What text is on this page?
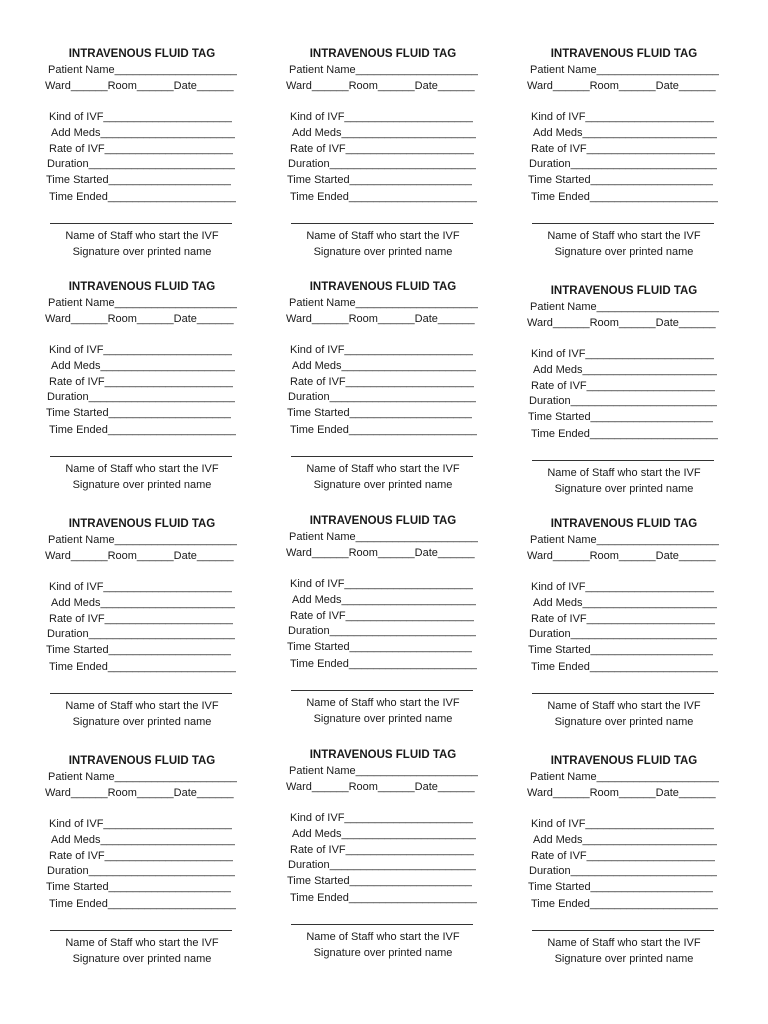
INTRAVENOUS FLUID TAG
Patient Name____________________
Ward______Room______Date______
Kind of IVF_____________________
Add Meds______________________
Rate of IVF_____________________
Duration________________________
Time Started____________________
Time Ended_____________________
Name of Staff who start the IVF
Signature over printed name
INTRAVENOUS FLUID TAG
Patient Name____________________
Ward______Room______Date______
Kind of IVF_____________________
Add Meds______________________
Rate of IVF_____________________
Duration________________________
Time Started____________________
Time Ended_____________________
Name of Staff who start the IVF
Signature over printed name
INTRAVENOUS FLUID TAG
Patient Name____________________
Ward______Room______Date______
Kind of IVF_____________________
Add Meds______________________
Rate of IVF_____________________
Duration________________________
Time Started____________________
Time Ended_____________________
Name of Staff who start the IVF
Signature over printed name
INTRAVENOUS FLUID TAG
Patient Name____________________
Ward______Room______Date______
Kind of IVF_____________________
Add Meds______________________
Rate of IVF_____________________
Duration________________________
Time Started____________________
Time Ended_____________________
Name of Staff who start the IVF
Signature over printed name
INTRAVENOUS FLUID TAG
Patient Name____________________
Ward______Room______Date______
Kind of IVF_____________________
Add Meds______________________
Rate of IVF_____________________
Duration________________________
Time Started____________________
Time Ended_____________________
Name of Staff who start the IVF
Signature over printed name
INTRAVENOUS FLUID TAG
Patient Name____________________
Ward______Room______Date______
Kind of IVF_____________________
Add Meds______________________
Rate of IVF_____________________
Duration________________________
Time Started____________________
Time Ended_____________________
Name of Staff who start the IVF
Signature over printed name
INTRAVENOUS FLUID TAG
Patient Name____________________
Ward______Room______Date______
Kind of IVF_____________________
Add Meds______________________
Rate of IVF_____________________
Duration________________________
Time Started____________________
Time Ended_____________________
Name of Staff who start the IVF
Signature over printed name
INTRAVENOUS FLUID TAG
Patient Name____________________
Ward______Room______Date______
Kind of IVF_____________________
Add Meds______________________
Rate of IVF_____________________
Duration________________________
Time Started____________________
Time Ended_____________________
Name of Staff who start the IVF
Signature over printed name
INTRAVENOUS FLUID TAG
Patient Name____________________
Ward______Room______Date______
Kind of IVF_____________________
Add Meds______________________
Rate of IVF_____________________
Duration________________________
Time Started____________________
Time Ended_____________________
Name of Staff who start the IVF
Signature over printed name
INTRAVENOUS FLUID TAG
Patient Name____________________
Ward______Room______Date______
Kind of IVF_____________________
Add Meds______________________
Rate of IVF_____________________
Duration________________________
Time Started____________________
Time Ended_____________________
Name of Staff who start the IVF
Signature over printed name
INTRAVENOUS FLUID TAG
Patient Name____________________
Ward______Room______Date______
Kind of IVF_____________________
Add Meds______________________
Rate of IVF_____________________
Duration________________________
Time Started____________________
Time Ended_____________________
Name of Staff who start the IVF
Signature over printed name
INTRAVENOUS FLUID TAG
Patient Name____________________
Ward______Room______Date______
Kind of IVF_____________________
Add Meds______________________
Rate of IVF_____________________
Duration________________________
Time Started____________________
Time Ended_____________________
Name of Staff who start the IVF
Signature over printed name
